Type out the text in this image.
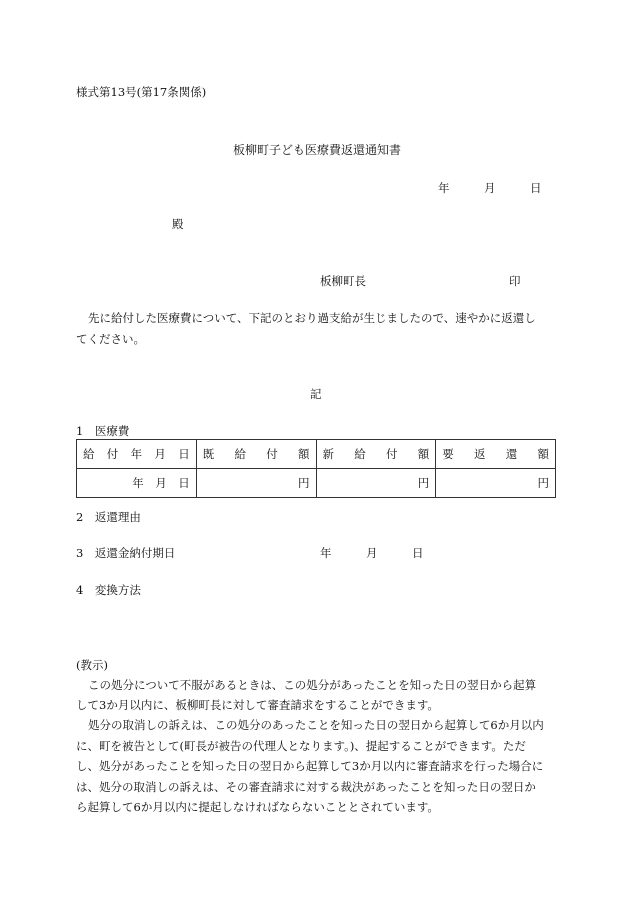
様式第13号(第17条関係)
板柳町子ども医療費返還通知書
年　　　月　　　日
殿
板柳町長	印
先に給付した医療費について、下記のとおり過支給が生じましたので、速やかに返還し
てください。
記
1　医療費
給付年月日	既給付額	新給付額	要返還額
年　月　日	円	円	円
2　返還理由
3　返還金納付期日	年　　　月　　　日
4　変換方法
(教示)
この処分について不服があるときは、この処分があったことを知った日の翌日から起算
して3か月以内に、板柳町長に対して審査請求をすることができます。
処分の取消しの訴えは、この処分のあったことを知った日の翌日から起算して6か月以内
に、町を被告として(町長が被告の代理人となります。)、提起することができます。ただ
し、処分があったことを知った日の翌日から起算して3か月以内に審査請求を行った場合に
は、処分の取消しの訴えは、その審査請求に対する裁決があったことを知った日の翌日か
ら起算して6か月以内に提起しなければならないこととされています。
